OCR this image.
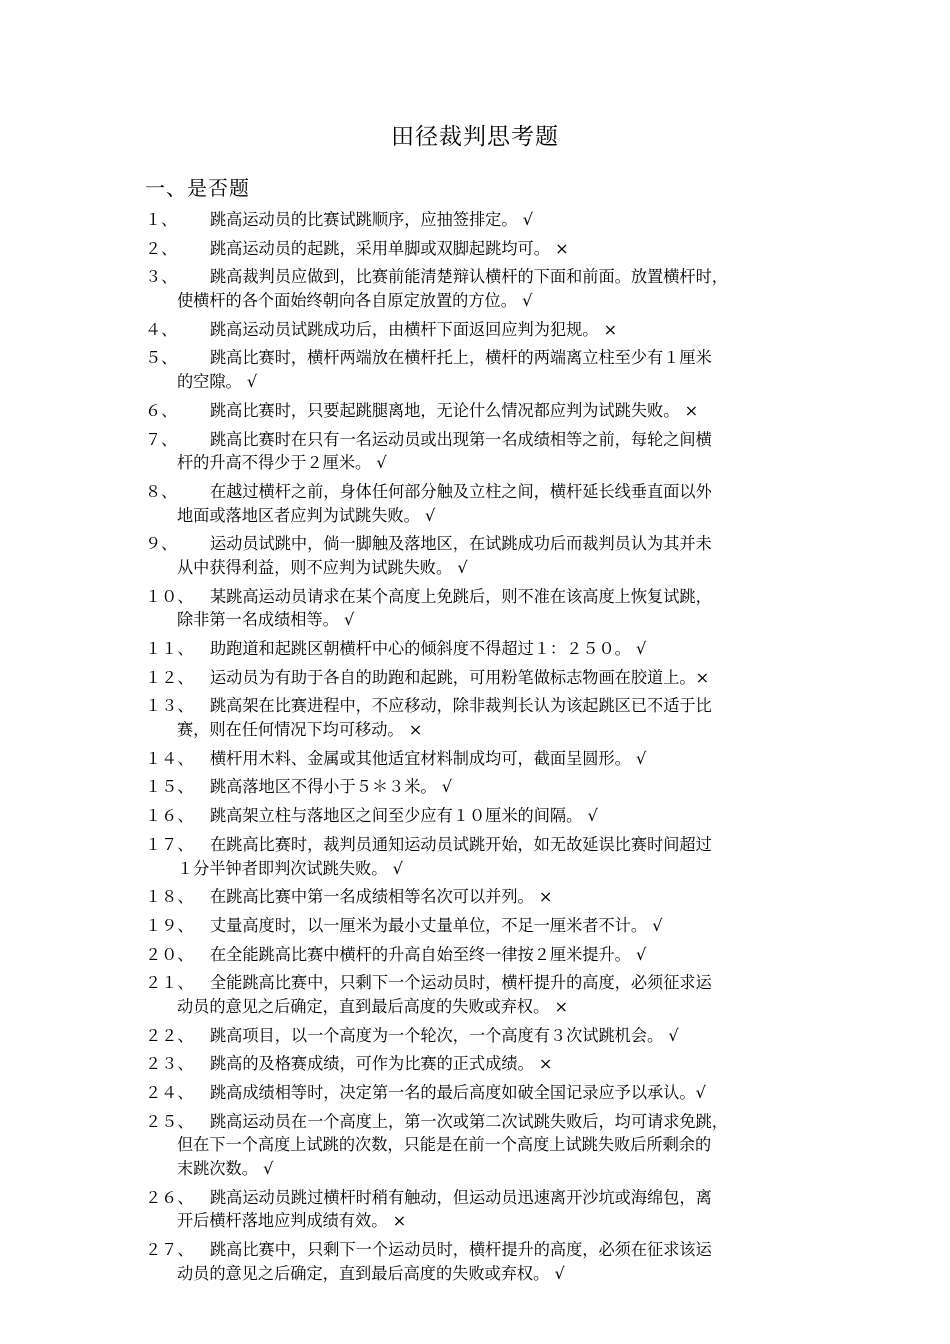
田径裁判思考题
一、是否题
１、 跳高运动员的比赛试跳顺序，应抽签排定。 √
２、 跳高运动员的起跳，采用单脚或双脚起跳均可。 ×
３、 跳高裁判员应做到，比赛前能清楚辩认横杆的下面和前面。放置横杆时，
使横杆的各个面始终朝向各自原定放置的方位。 √
４、 跳高运动员试跳成功后，由横杆下面返回应判为犯规。 ×
５、 跳高比赛时，横杆两端放在横杆托上，横杆的两端离立柱至少有１厘米
的空隙。 √
６、 跳高比赛时，只要起跳腿离地，无论什么情况都应判为试跳失败。 ×
７、 跳高比赛时在只有一名运动员或出现第一名成绩相等之前，每轮之间横
杆的升高不得少于２厘米。 √
８、 在越过横杆之前，身体任何部分触及立柱之间，横杆延长线垂直面以外
地面或落地区者应判为试跳失败。 √
９、 运动员试跳中，倘一脚触及落地区，在试跳成功后而裁判员认为其并未
从中获得利益，则不应判为试跳失败。 √
１０、 某跳高运动员请求在某个高度上免跳后，则不准在该高度上恢复试跳，
除非第一名成绩相等。 √
１１、 助跑道和起跳区朝横杆中心的倾斜度不得超过１：２５０。 √
１２、 运动员为有助于各自的助跑和起跳，可用粉笔做标志物画在胶道上。×
１３、 跳高架在比赛进程中，不应移动，除非裁判长认为该起跳区已不适于比
赛，则在任何情况下均可移动。 ×
１４、 横杆用木料、金属或其他适宜材料制成均可，截面呈圆形。 √
１５、 跳高落地区不得小于５＊３米。 √
１６、 跳高架立柱与落地区之间至少应有１０厘米的间隔。 √
１７、 在跳高比赛时，裁判员通知运动员试跳开始，如无故延误比赛时间超过
１分半钟者即判次试跳失败。 √
１８、 在跳高比赛中第一名成绩相等名次可以并列。 ×
１９、 丈量高度时，以一厘米为最小丈量单位，不足一厘米者不计。 √
２０、 在全能跳高比赛中横杆的升高自始至终一律按２厘米提升。 √
２１、 全能跳高比赛中，只剩下一个运动员时，横杆提升的高度，必须征求运
动员的意见之后确定，直到最后高度的失败或弃权。 ×
２２、 跳高项目，以一个高度为一个轮次，一个高度有３次试跳机会。 √
２３、 跳高的及格赛成绩，可作为比赛的正式成绩。 ×
２４、 跳高成绩相等时，决定第一名的最后高度如破全国记录应予以承认。√
２５、 跳高运动员在一个高度上，第一次或第二次试跳失败后，均可请求免跳，
但在下一个高度上试跳的次数，只能是在前一个高度上试跳失败后所剩余的
末跳次数。 √
２６、 跳高运动员跳过横杆时稍有触动，但运动员迅速离开沙坑或海绵包，离
开后横杆落地应判成绩有效。 ×
２７、 跳高比赛中，只剩下一个运动员时，横杆提升的高度，必须在征求该运
动员的意见之后确定，直到最后高度的失败或弃权。 √
